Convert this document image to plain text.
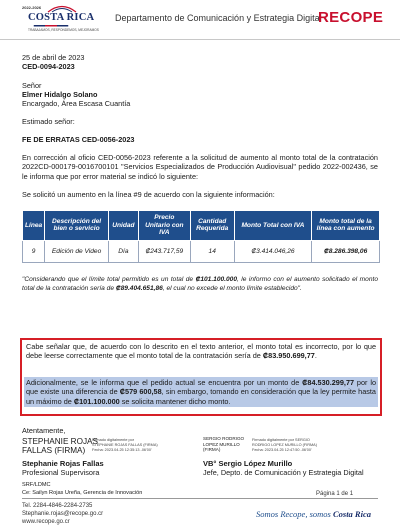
2022-2026
COSTA RICA
TRABAJAMOS, RESPONDEMOS, MEJORAMOS
Departamento de Comunicación y Estrategia Digital
RECOPE
25 de abril de 2023
CED-0094-2023
Señor
Elmer Hidalgo Solano
Encargado, Área Escasa Cuantía
Estimado señor:
FE DE ERRATAS CED-0056-2023
En corrección al oficio CED-0056-2023 referente a la solicitud de aumento al monto total de la contratación 2022CD-000179-0016700101 "Servicios Especializados de Producción Audiovisual" pedido 2022-002436, se le informa que por error material se indicó lo siguiente:
Se solicitó un aumento en la línea #9 de acuerdo con la siguiente información:
Línea	Descripción del bien o servicio	Unidad	Precio Unitario con IVA	Cantidad Requerida	Monto Total con IVA	Monto total de la línea con aumento
9	Edición de Video	Día	₡243.717,59	14	₡3.414.046,26	₡8.286.398,06
"Considerando que el límite total permitido es un total de ₡101.100.000, le informo con el aumento solicitado el monto total de la contratación sería de ₡89.404.651,86, el cual no excede el monto límite establecido".
Cabe señalar que, de acuerdo con lo descrito en el texto anterior, el monto total es incorrecto, por lo que debe leerse correctamente que el monto total de la contratación sería de ₡83.950.699,77.
Adicionalmente, se le informa que el pedido actual se encuentra por un monto de ₡84.530.299,77 por lo que existe una diferencia de ₡579 600,58, sin embargo, tomando en consideración que la ley permite hasta un máximo de ₡101.100.000 se solicita mantener dicho monto.
Atentamente,
STEPHANIE ROJAS
FALLAS (FIRMA)
Firmado digitalmente por
STEPHANIE ROJAS FALLAS (FIRMA)
Fecha: 2023.04.25 12:35:13 -06'00'
Stephanie Rojas Fallas
Profesional Supervisora
SERGIO RODRIGO
LOPEZ MURILLO
(FIRMA)
Firmado digitalmente por SERGIO
RODRIGO LOPEZ MURILLO (FIRMA)
Fecha: 2023.04.25 12:47:50 -06'00'
VB° Sergio López Murillo
Jefe, Depto. de Comunicación y Estrategia Digital
SRF/LDMC
Ce: Sailyn Rojas Ureña, Gerencia de Innovación
Tel. 2284-4846-2284-2735
Stephanie.rojas@recope.go.cr
www.recope.go.cr
Página 1 de 1
Somos Recope, somos Costa Rica
